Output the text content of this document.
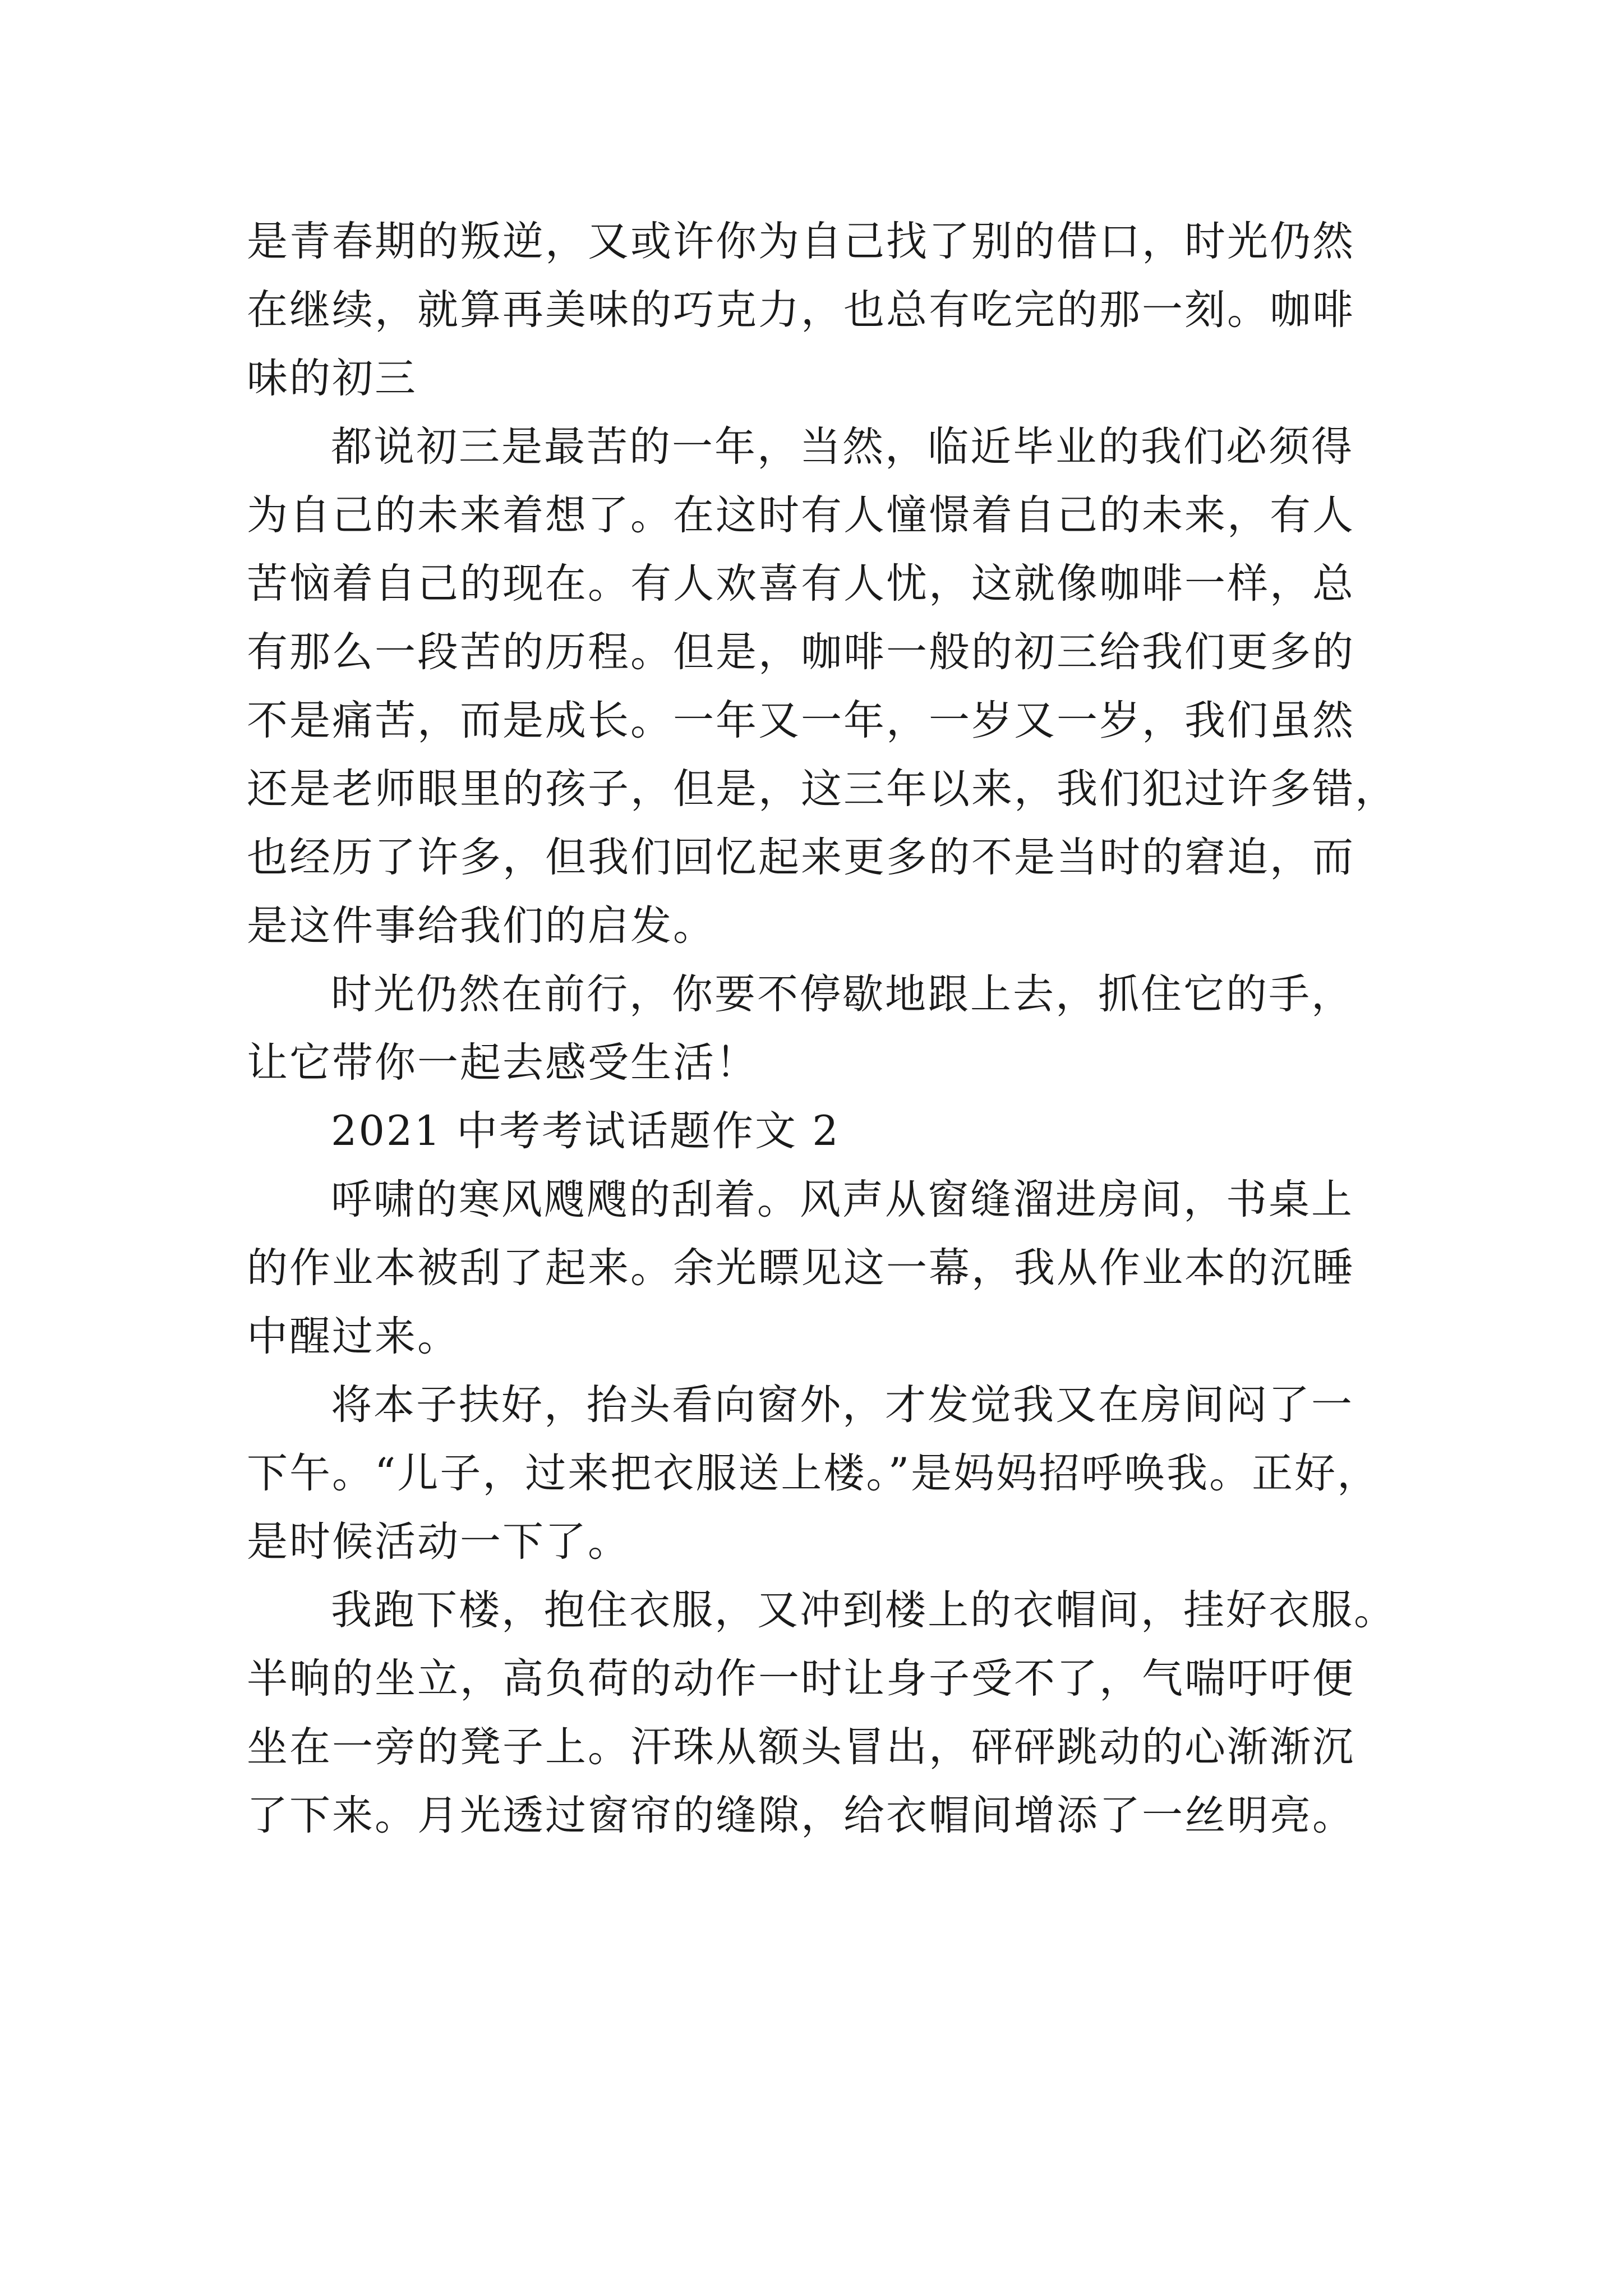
是青春期的叛逆，又或许你为自己找了别的借口，时光仍然
在继续，就算再美味的巧克力，也总有吃完的那一刻。咖啡
味的初三
都说初三是最苦的一年，当然，临近毕业的我们必须得
为自己的未来着想了。在这时有人憧憬着自己的未来，有人
苦恼着自己的现在。有人欢喜有人忧，这就像咖啡一样，总
有那么一段苦的历程。但是，咖啡一般的初三给我们更多的
不是痛苦，而是成长。一年又一年，一岁又一岁，我们虽然
还是老师眼里的孩子，但是，这三年以来，我们犯过许多错，
也经历了许多，但我们回忆起来更多的不是当时的窘迫，而
是这件事给我们的启发。
时光仍然在前行，你要不停歇地跟上去，抓住它的手，
让它带你一起去感受生活！
2021 中考考试话题作文 2
呼啸的寒风飕飕的刮着。风声从窗缝溜进房间，书桌上
的作业本被刮了起来。余光瞟见这一幕，我从作业本的沉睡
中醒过来。
将本子扶好，抬头看向窗外，才发觉我又在房间闷了一
下午。“儿子，过来把衣服送上楼。”是妈妈招呼唤我。正好，
是时候活动一下了。
我跑下楼，抱住衣服，又冲到楼上的衣帽间，挂好衣服。
半晌的坐立，高负荷的动作一时让身子受不了，气喘吁吁便
坐在一旁的凳子上。汗珠从额头冒出，砰砰跳动的心渐渐沉
了下来。月光透过窗帘的缝隙，给衣帽间增添了一丝明亮。
